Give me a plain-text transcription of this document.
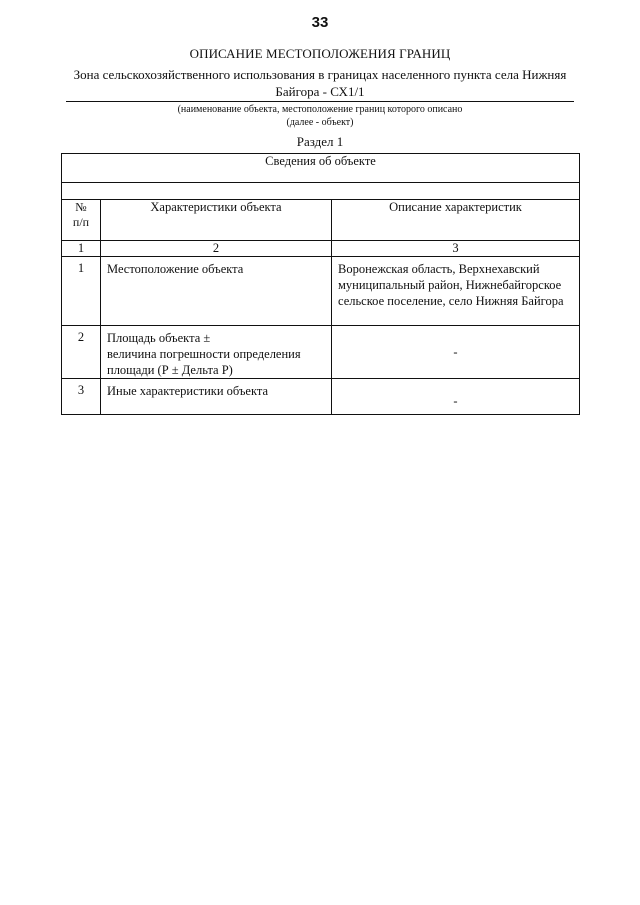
33
ОПИСАНИЕ МЕСТОПОЛОЖЕНИЯ ГРАНИЦ
Зона сельскохозяйственного использования в границах населенного пункта села Нижняя Байгора - СХ1/1
(наименование объекта, местоположение границ которого описано
(далее - объект)
Раздел 1
Сведения об объекте		

№
п/п	Характеристики объекта	Описание характеристик
1	2	3

1	Местоположение объекта	Воронежская область, Верхнехавский муниципальный район, Нижнебайгорское сельское поселение, село Нижняя Байгора

2	Площадь объекта ±
величина погрешности определения
площади (Р ± Дельта Р)	-

3	Иные характеристики объекта	-
